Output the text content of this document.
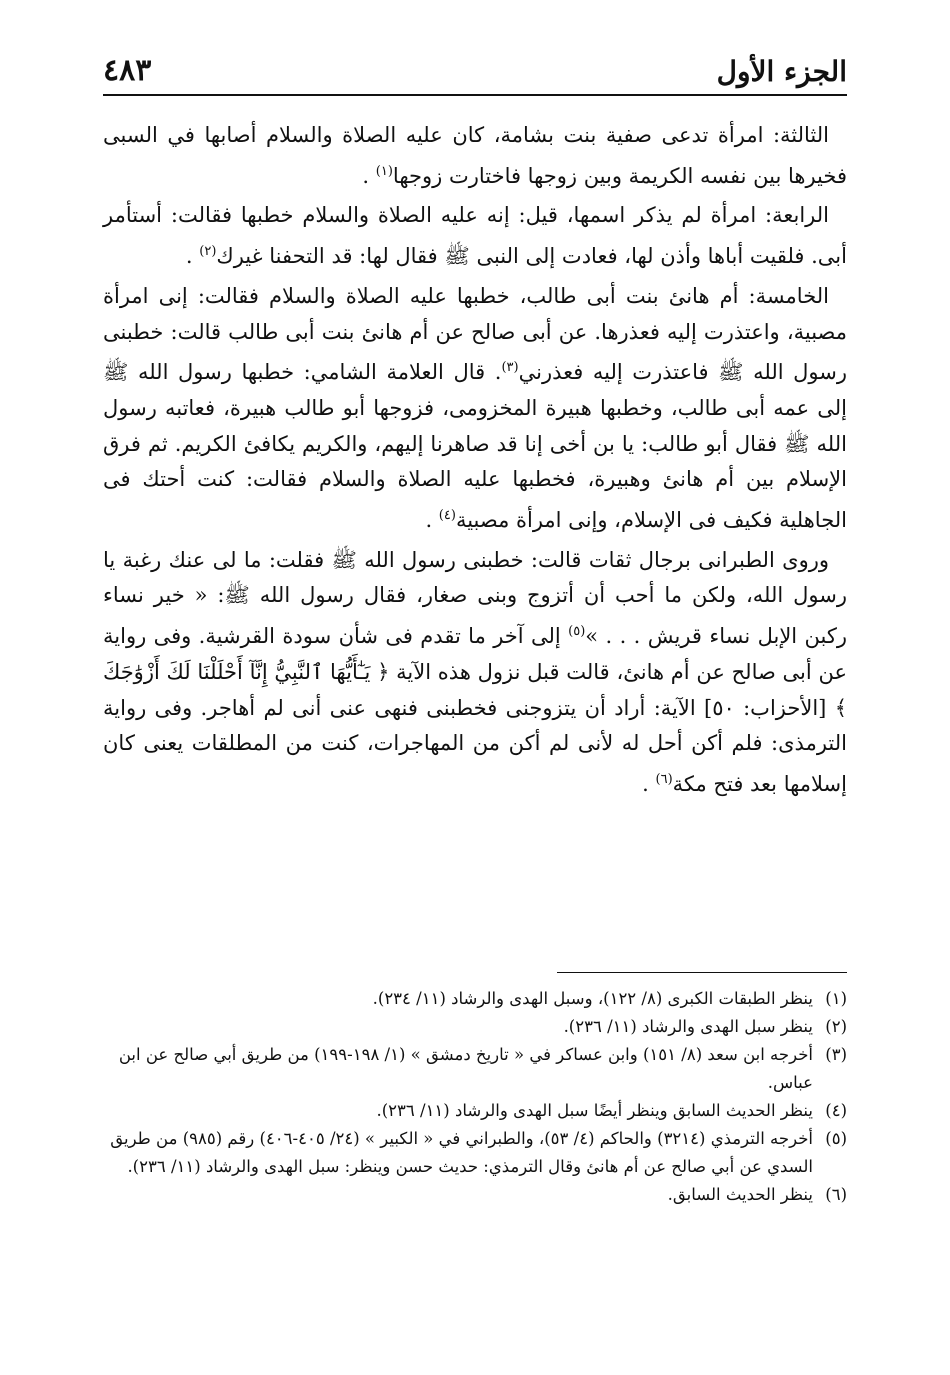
الجزء الأول
٤٨٣

الثالثة: امرأة تدعى صفية بنت بشامة، كان عليه الصلاة والسلام أصابها في السبى فخيرها بين نفسه الكريمة وبين زوجها فاختارت زوجها$^{(١)}$ .

الرابعة: امرأة لم يذكر اسمها، قيل: إنه عليه الصلاة والسلام خطبها فقالت: أستأمر أبى. فلقيت أباها وأذن لها، فعادت إلى النبى ﷺ فقال لها: قد التحفنا غيرك$^{(٢)}$ .

الخامسة: أم هانئ بنت أبى طالب، خطبها عليه الصلاة والسلام فقالت: إنى امرأة مصبية، واعتذرت إليه فعذرها. عن أبى صالح عن أم هانئ بنت أبى طالب قالت: خطبنى رسول الله ﷺ فاعتذرت إليه فعذرني$^{(٣)}$. قال العلامة الشامي: خطبها رسول الله ﷺ إلى عمه أبى طالب، وخطبها هبيرة المخزومى، فزوجها أبو طالب هبيرة، فعاتبه رسول الله ﷺ فقال أبو طالب: يا بن أخى إنا قد صاهرنا إليهم، والكريم يكافئ الكريم. ثم فرق الإسلام بين أم هانئ وهبيرة، فخطبها عليه الصلاة والسلام فقالت: كنت أحتك فى الجاهلية فكيف فى الإسلام، وإنى امرأة مصبية$^{(٤)}$ .

وروى الطبرانى برجال ثقات قالت: خطبنى رسول الله ﷺ فقلت: ما لى عنك رغبة يا رسول الله، ولكن ما أحب أن أتزوج وبنى صغار، فقال رسول الله ﷺ: « خير نساء ركبن الإبل نساء قريش . . . »$^{(٥)}$ إلى آخر ما تقدم فى شأن سودة القرشية. وفى رواية عن أبى صالح عن أم هانئ، قالت قبل نزول هذه الآية ﴿ يَـٰٓأَيُّهَا ٱلنَّبِيُّ إِنَّآ أَحْلَلْنَا لَكَ أَزْوَٰجَكَ ﴾ [الأحزاب: ٥٠] الآية: أراد أن يتزوجنى فخطبنى فنهى عنى أنى لم أهاجر. وفى رواية الترمذى: فلم أكن أحل له لأنى لم أكن من المهاجرات، كنت من المطلقات يعنى كان إسلامها بعد فتح مكة$^{(٦)}$ .

(١)
ينظر الطبقات الكبرى (٨/ ١٢٢)، وسبل الهدى والرشاد (١١/ ٢٣٤).
(٢)
ينظر سبل الهدى والرشاد (١١/ ٢٣٦).
(٣)
أخرجه ابن سعد (٨/ ١٥١) وابن عساكر في « تاريخ دمشق » (١/ ١٩٨-١٩٩) من طريق أبي صالح عن ابن عباس.
(٤)
ينظر الحديث السابق وينظر أيضًا سبل الهدى والرشاد (١١/ ٢٣٦).
(٥)
أخرجه الترمذي (٣٢١٤) والحاكم (٤/ ٥٣)، والطبراني في « الكبير » (٢٤/ ٤٠٥-٤٠٦) رقم (٩٨٥) من طريق السدي عن أبي صالح عن أم هانئ وقال الترمذي: حديث حسن وينظر: سبل الهدى والرشاد (١١/ ٢٣٦).
(٦)
ينظر الحديث السابق.
